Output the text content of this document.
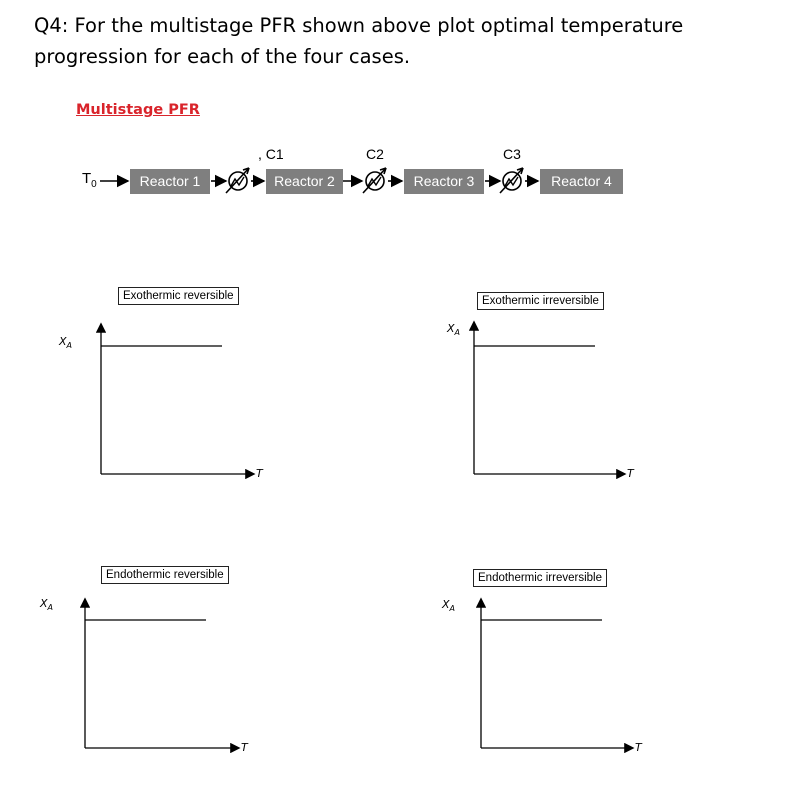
Q4: For the multistage PFR shown above plot optimal temperature progression for each of the four cases.
Multistage PFR
$T_0$	Reactor 1	Reactor 2	Reactor 3	Reactor 4
, C1	C2	C3
Exothermic reversible
$X_A$
T
Exothermic irreversible
$X_A$
T
Endothermic reversible
$X_A$
T
Endothermic irreversible
$X_A$
T
